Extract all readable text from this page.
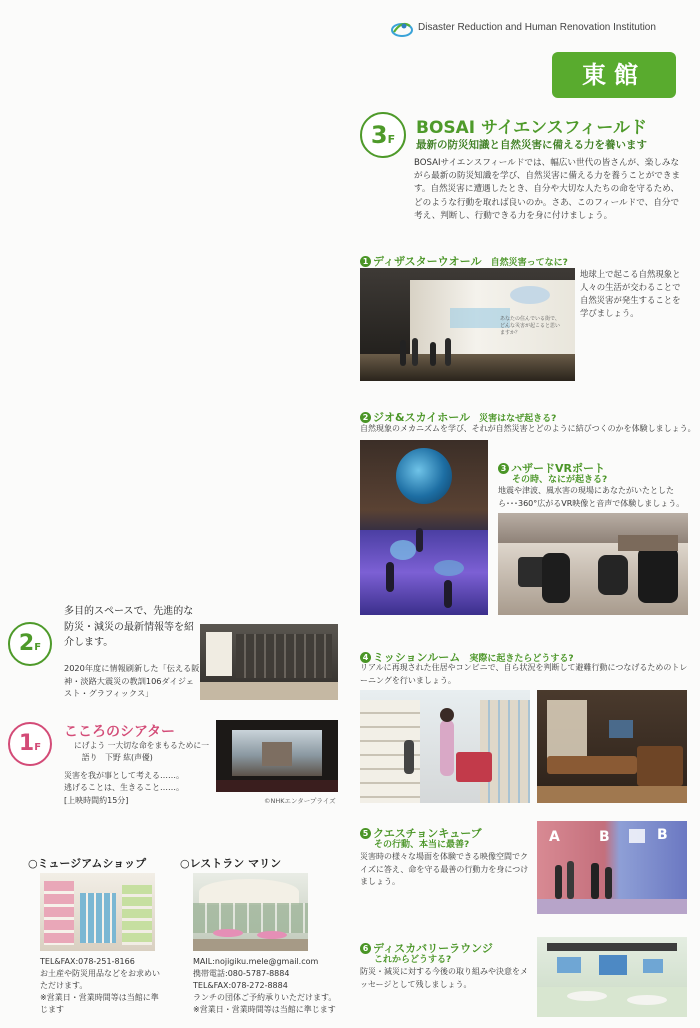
Disaster Reduction and Human Renovation Institution
東館
3F
BOSAI サイエンスフィールド
最新の防災知識と自然災害に備える力を養います
BOSAIサイエンスフィールドでは、幅広い世代の皆さんが、楽しみながら最新の防災知識を学び、自然災害に備える力を養うことができます。自然災害に遭遇したとき、自分や大切な人たちの命を守るため、どのような行動を取れば良いのか。さあ、このフィールドで、自分で考え、判断し、行動できる力を身に付けましょう。
1 ディザスターウオール 自然災害ってなに?
あなたの住んでいる街で、どんな災害が起こると思いますか？
地球上で起こる自然現象と人々の生活が交わることで自然災害が発生することを学びましょう。
2 ジオ&スカイホール 災害はなぜ起きる?
自然現象のメカニズムを学び、それが自然災害とどのように結びつくのかを体験しましょう。
3 ハザードVRポート
その時、なにが起きる?
地震や津波、風水害の現場にあなたがいたとしたら･･･360°広がるVR映像と音声で体験しましょう。
4 ミッションルーム 実際に起きたらどうする?
リアルに再現された住居やコンビニで、自ら状況を判断して避難行動につなげるためのトレーニングを行いましょう。
5 クエスチョンキューブ
その行動、本当に最善?
災害時の様々な場面を体験できる映像空間でクイズに答え、命を守る最善の行動力を身につけましょう。
A	B	B
6 ディスカバリーラウンジ
これからどうする?
防災・減災に対する今後の取り組みや決意をメッセージとして残しましょう。
2F
多目的スペースで、先進的な防災・減災の最新情報等を紹介します。
2020年度に情報刷新した「伝える阪神・淡路大震災の教訓106ダイジェスト・グラフィックス」
1F
こころのシアター
にげよう 一大切な命をまもるために一
　語り　下野 紘(声優)
災害を我が事として考える……。
逃げることは、生きること……。
[上映時間約15分]	©NHKエンタープライズ
○ミュージアムショップ
TEL&FAX:078-251-8166
お土産や防災用品などをお求めいただけます。
※営業日・営業時間等は当館に準じます
○レストラン マリン
MAIL:nojigiku.mele@gmail.com
携帯電話:080-5787-8884
TEL&FAX:078-272-8884
ランチの団体ご予約承りいただけます。
※営業日・営業時間等は当館に準じます
